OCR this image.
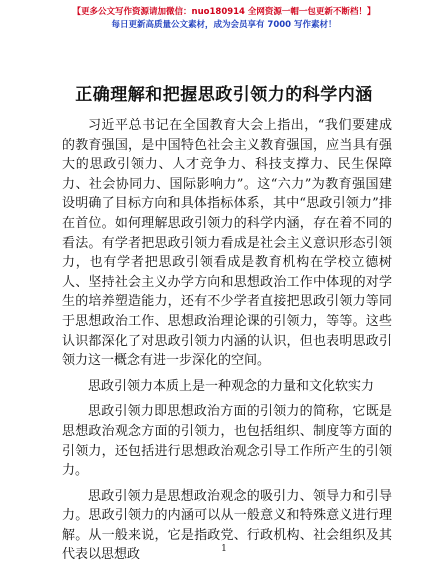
【更多公文写作资源请加微信：nuo180914 全网资源一帽一包更新不断档！】
每日更新高质量公文素材，成为会员享有 7000 写作素材！
正确理解和把握思政引领力的科学内涵

习近平总书记在全国教育大会上指出，“我们要建成的教育强国，是中国特色社会主义教育强国，应当具有强大的思政引领力、人才竞争力、科技支撑力、民生保障力、社会协同力、国际影响力”。这“六力”为教育强国建设明确了目标方向和具体指标体系，其中“思政引领力”排在首位。如何理解思政引领力的科学内涵，存在着不同的看法。有学者把思政引领力看成是社会主义意识形态引领力，也有学者把思政引领看成是教育机构在学校立德树人、坚持社会主义办学方向和思想政治工作中体现的对学生的培养塑造能力，还有不少学者直接把思政引领力等同于思想政治工作、思想政治理论课的引领力，等等。这些认识都深化了对思政引领力内涵的认识，但也表明思政引领力这一概念有进一步深化的空间。

思政引领力本质上是一种观念的力量和文化软实力

思政引领力即思想政治方面的引领力的简称，它既是思想政治观念方面的引领力，也包括组织、制度等方面的引领力，还包括进行思想政治观念引导工作所产生的引领力。

思政引领力是思想政治观念的吸引力、领导力和引导力。思政引领力的内涵可以从一般意义和特殊意义进行理解。从一般来说，它是指政党、行政机构、社会组织及其代表以思想政	1
